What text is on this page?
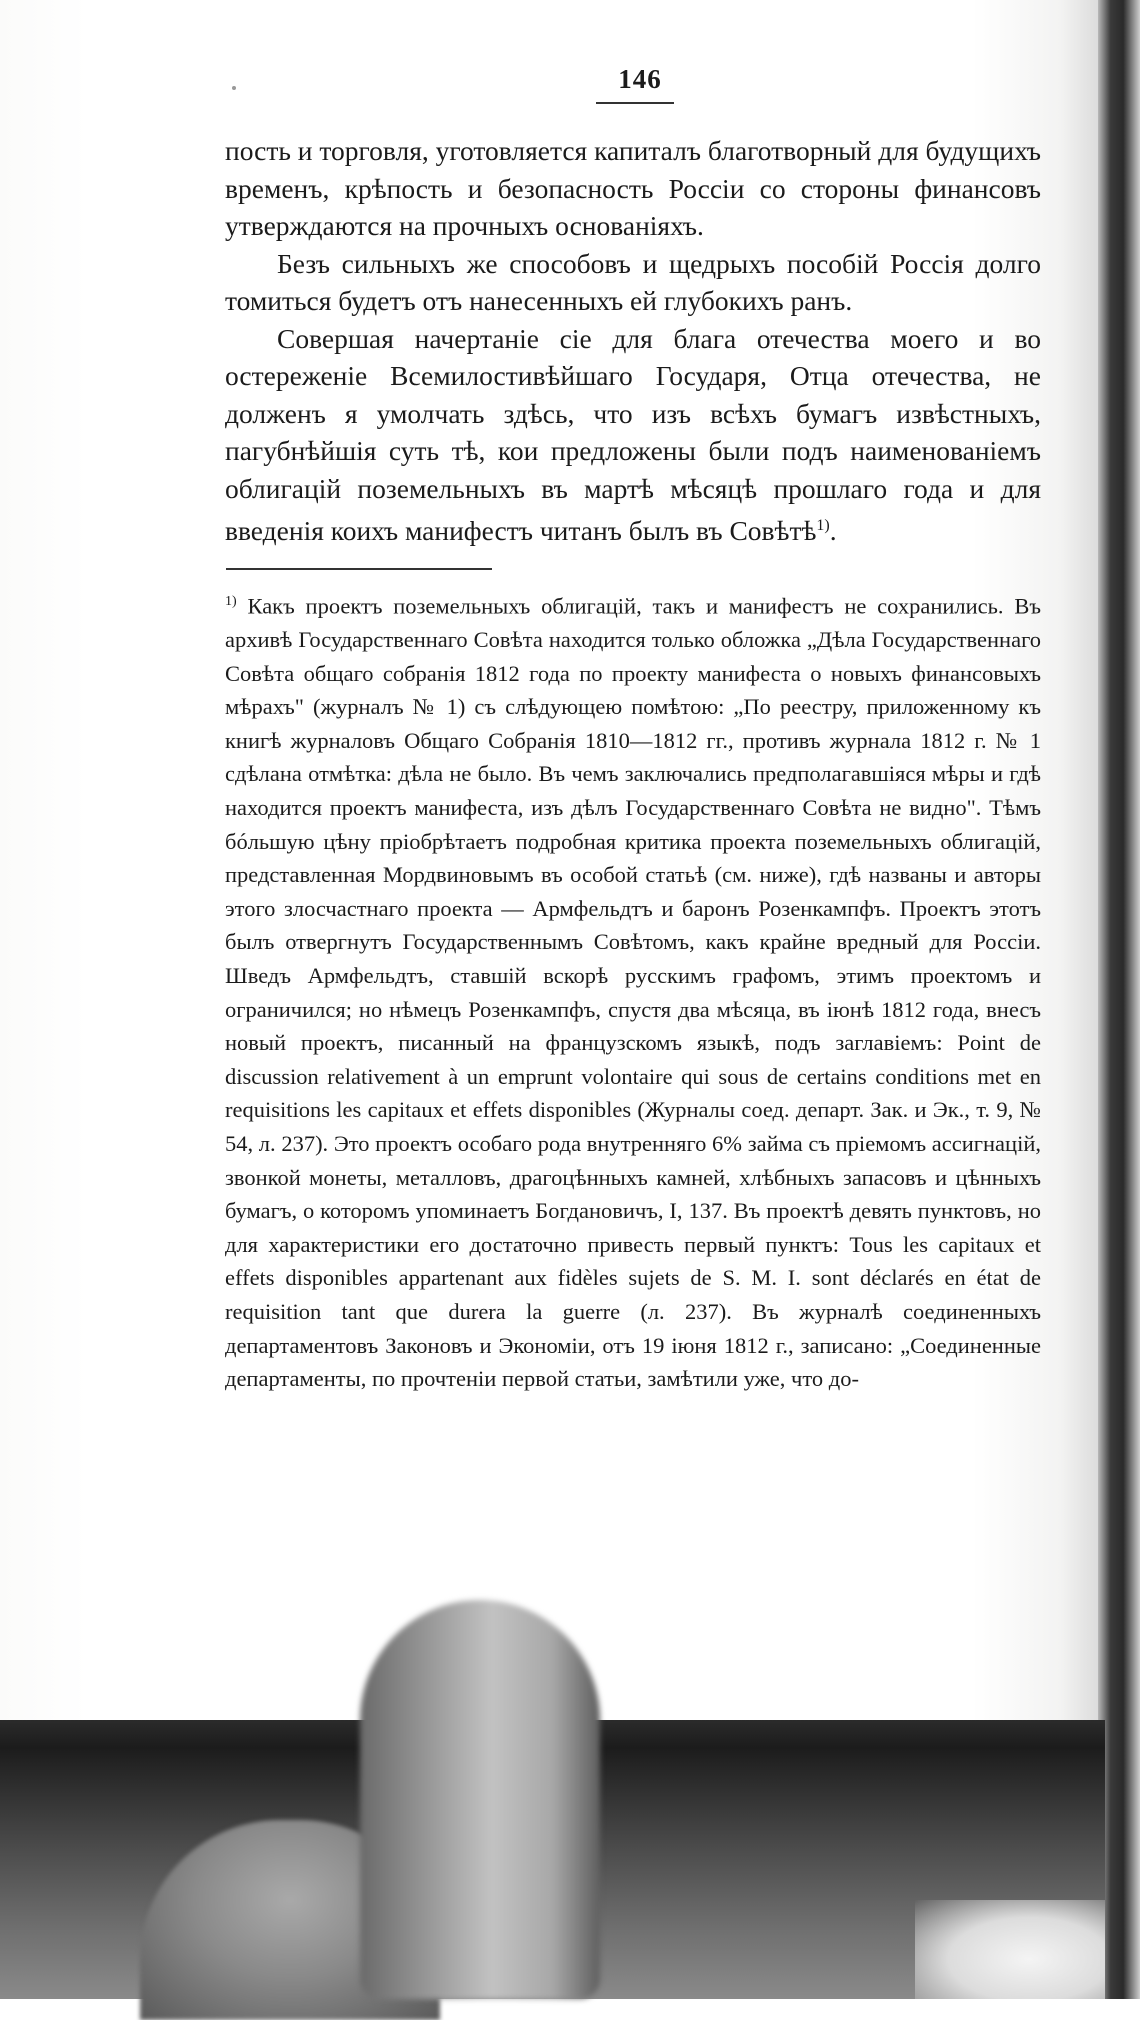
146

пость и торговля, уготовляется капиталъ благотворный для будущихъ временъ, крѣпость и безопасность Россіи со стороны финансовъ утверждаются на прочныхъ основаніяхъ.

Безъ сильныхъ же способовъ и щедрыхъ пособій Россія долго томиться будетъ отъ нанесенныхъ ей глубокихъ ранъ.

Совершая начертаніе сіе для блага отечества моего и во остереженіе Всемилостивѣйшаго Государя, Отца отечества, не долженъ я умолчать здѣсь, что изъ всѣхъ бумагъ извѣстныхъ, пагубнѣйшія суть тѣ, кои предложены были подъ наименованіемъ облигацій поземельныхъ въ мартѣ мѣсяцѣ прошлаго года и для введенія коихъ манифестъ читанъ былъ въ Совѣтѣ$^{1)}$.

$^{1)}$ Какъ проектъ поземельныхъ облигацій, такъ и манифестъ не сохранились. Въ архивѣ Государственнаго Совѣта находится только обложка „Дѣла Государственнаго Совѣта общаго собранія 1812 года по проекту манифеста о новыхъ финансовыхъ мѣрахъ" (журналъ № 1) съ слѣдующею помѣтою: „По реестру, приложенному къ книгѣ журналовъ Общаго Собранія 1810—1812 гг., противъ журнала 1812 г. № 1 сдѣлана отмѣтка: дѣла не было. Въ чемъ заключались предполагавшіяся мѣры и гдѣ находится проектъ манифеста, изъ дѣлъ Государственнаго Совѣта не видно". Тѣмъ бóльшую цѣну пріобрѣтаетъ подробная критика проекта поземельныхъ облигацій, представленная Мордвиновымъ въ особой статьѣ (см. ниже), гдѣ названы и авторы этого злосчастнаго проекта — Армфельдтъ и баронъ Розенкампфъ. Проектъ этотъ былъ отвергнутъ Государственнымъ Совѣтомъ, какъ крайне вредный для Россіи. Шведъ Армфельдтъ, ставшій вскорѣ русскимъ графомъ, этимъ проектомъ и ограничился; но нѣмецъ Розенкампфъ, спустя два мѣсяца, въ іюнѣ 1812 года, внесъ новый проектъ, писанный на французскомъ языкѣ, подъ заглавіемъ: Point de discussion relativement à un emprunt volontaire qui sous de certains conditions met en requisitions les capitaux et effets disponibles (Журналы соед. департ. Зак. и Эк., т. 9, № 54, л. 237). Это проектъ особаго рода внутренняго 6% займа съ пріемомъ ассигнацій, звонкой монеты, металловъ, драгоцѣнныхъ камней, хлѣбныхъ запасовъ и цѣнныхъ бумагъ, о которомъ упоминаетъ Богдановичъ, I, 137. Въ проектѣ девять пунктовъ, но для характеристики его достаточно привесть первый пунктъ: Tous les capitaux et effets disponibles appartenant aux fidèles sujets de S. M. I. sont déclarés en état de requisition tant que durera la guerre (л. 237). Въ журналѣ соединенныхъ департаментовъ Законовъ и Экономіи, отъ 19 іюня 1812 г., записано: „Соединенные департаменты, по прочтеніи первой статьи, замѣтили уже, что до-
